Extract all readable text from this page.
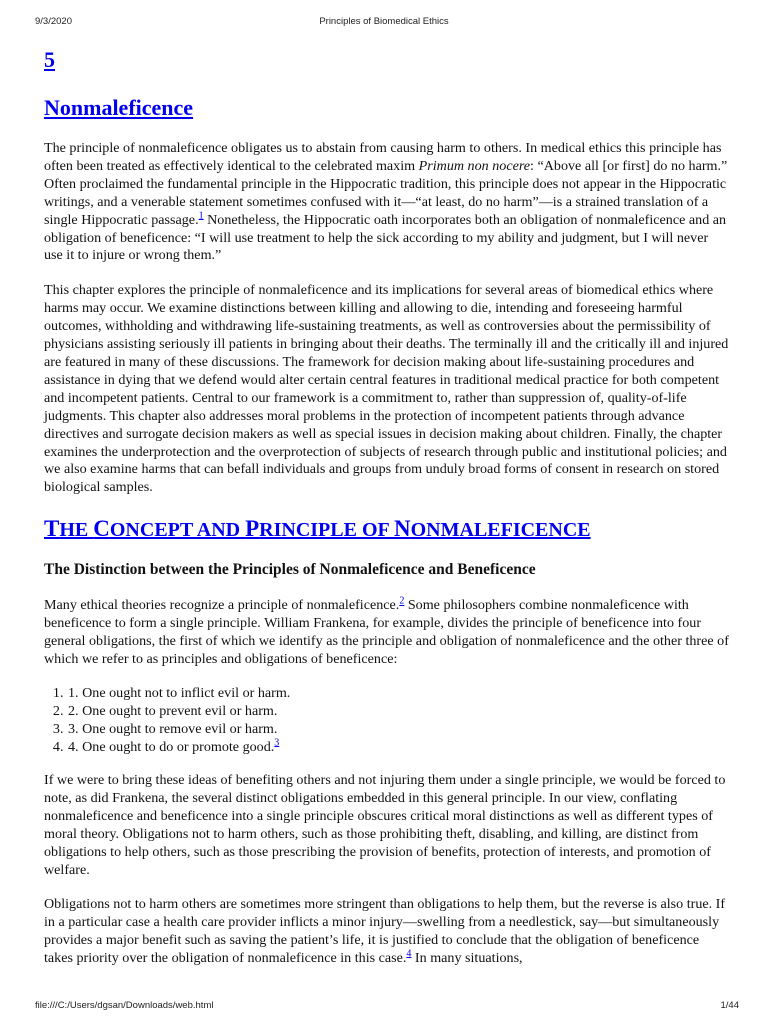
9/3/2020	Principles of Biomedical Ethics
5
Nonmaleficence

The principle of nonmaleficence obligates us to abstain from causing harm to others. In medical ethics this principle has often been treated as effectively identical to the celebrated maxim Primum non nocere: “Above all [or first] do no harm.” Often proclaimed the fundamental principle in the Hippocratic tradition, this principle does not appear in the Hippocratic writings, and a venerable statement sometimes confused with it—“at least, do no harm”—is a strained translation of a single Hippocratic passage.$^1$ Nonetheless, the Hippocratic oath incorporates both an obligation of nonmaleficence and an obligation of beneficence: “I will use treatment to help the sick according to my ability and judgment, but I will never use it to injure or wrong them.”

This chapter explores the principle of nonmaleficence and its implications for several areas of biomedical ethics where harms may occur. We examine distinctions between killing and allowing to die, intending and foreseeing harmful outcomes, withholding and withdrawing life-sustaining treatments, as well as controversies about the permissibility of physicians assisting seriously ill patients in bringing about their deaths. The terminally ill and the critically ill and injured are featured in many of these discussions. The framework for decision making about life-sustaining procedures and assistance in dying that we defend would alter certain central features in traditional medical practice for both competent and incompetent patients. Central to our framework is a commitment to, rather than suppression of, quality-of-life judgments. This chapter also addresses moral problems in the protection of incompetent patients through advance directives and surrogate decision makers as well as special issues in decision making about children. Finally, the chapter examines the underprotection and the overprotection of subjects of research through public and institutional policies; and we also examine harms that can befall individuals and groups from unduly broad forms of consent in research on stored biological samples.

THE CONCEPT AND PRINCIPLE OF NONMALEFICENCE
The Distinction between the Principles of Nonmaleficence and Beneficence

Many ethical theories recognize a principle of nonmaleficence.$^2$ Some philosophers combine nonmaleficence with beneficence to form a single principle. William Frankena, for example, divides the principle of beneficence into four general obligations, the first of which we identify as the principle and obligation of nonmaleficence and the other three of which we refer to as principles and obligations of beneficence:

1. 1. One ought not to inflict evil or harm.
2. 2. One ought to prevent evil or harm.
3. 3. One ought to remove evil or harm.
4. 4. One ought to do or promote good.$^3$

If we were to bring these ideas of benefiting others and not injuring them under a single principle, we would be forced to note, as did Frankena, the several distinct obligations embedded in this general principle. In our view, conflating nonmaleficence and beneficence into a single principle obscures critical moral distinctions as well as different types of moral theory. Obligations not to harm others, such as those prohibiting theft, disabling, and killing, are distinct from obligations to help others, such as those prescribing the provision of benefits, protection of interests, and promotion of welfare.

Obligations not to harm others are sometimes more stringent than obligations to help them, but the reverse is also true. If in a particular case a health care provider inflicts a minor injury—swelling from a needlestick, say—but simultaneously provides a major benefit such as saving the patient’s life, it is justified to conclude that the obligation of beneficence takes priority over the obligation of nonmaleficence in this case.$^4$ In many situations,

file:///C:/Users/dgsan/Downloads/web.html	1/44
